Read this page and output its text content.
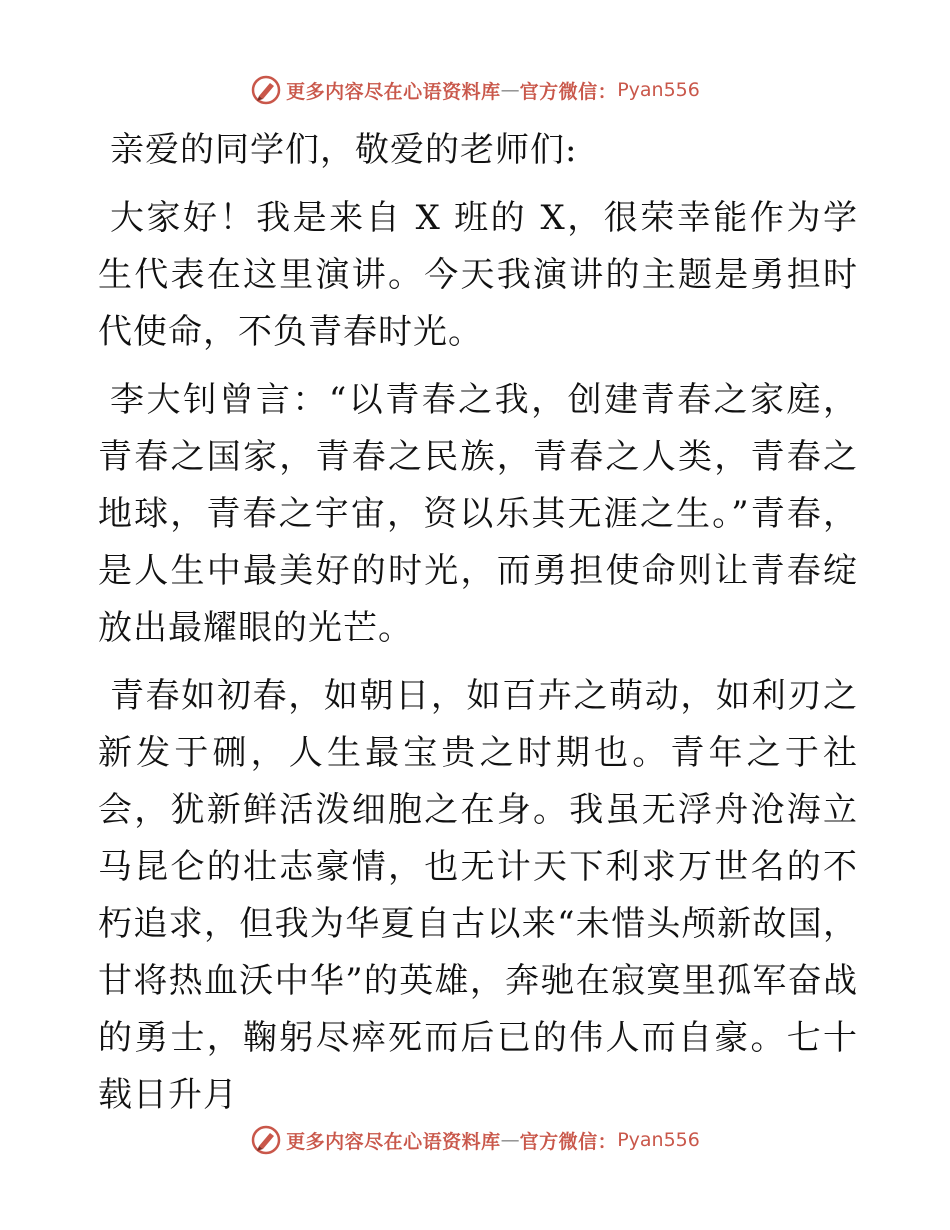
更多内容尽在心语资料库 — 官方微信： Pyan556

亲爱的同学们，敬爱的老师们:

大家好！我是来自 X 班的 X，很荣幸能作为学生代表在这里演讲。今天我演讲的主题是勇担时代使命，不负青春时光。

李大钊曾言：“以青春之我，创建青春之家庭，青春之国家，青春之民族，青春之人类，青春之地球，青春之宇宙，资以乐其无涯之生。”青春，是人生中最美好的时光，而勇担使命则让青春绽放出最耀眼的光芒。

青春如初春，如朝日，如百卉之萌动，如利刃之新发于硎，人生最宝贵之时期也。青年之于社会，犹新鲜活泼细胞之在身。我虽无浮舟沧海立马昆仑的壮志豪情，也无计天下利求万世名的不朽追求，但我为华夏自古以来“未惜头颅新故国，甘将热血沃中华”的英雄，奔驰在寂寞里孤军奋战的勇士，鞠躬尽瘁死而后已的伟人而自豪。七十载日升月

更多内容尽在心语资料库 — 官方微信： Pyan556
